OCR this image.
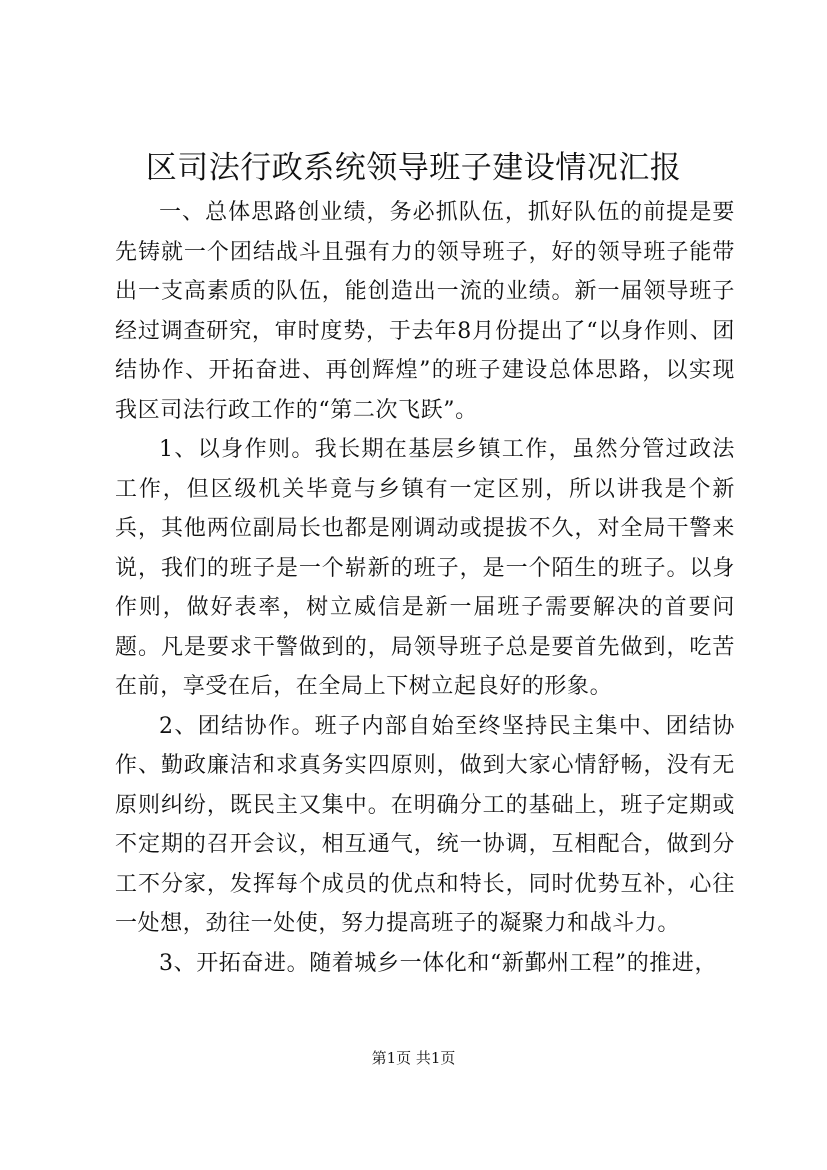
区司法行政系统领导班子建设情况汇报

一、总体思路创业绩，务必抓队伍，抓好队伍的前提是要先铸就一个团结战斗且强有力的领导班子，好的领导班子能带出一支高素质的队伍，能创造出一流的业绩。新一届领导班子经过调查研究，审时度势，于去年8月份提出了“以身作则、团结协作、开拓奋进、再创辉煌”的班子建设总体思路，以实现我区司法行政工作的“第二次飞跃”。

1、以身作则。我长期在基层乡镇工作，虽然分管过政法工作，但区级机关毕竟与乡镇有一定区别，所以讲我是个新兵，其他两位副局长也都是刚调动或提拔不久，对全局干警来说，我们的班子是一个崭新的班子，是一个陌生的班子。以身作则，做好表率，树立威信是新一届班子需要解决的首要问题。凡是要求干警做到的，局领导班子总是要首先做到，吃苦在前，享受在后，在全局上下树立起良好的形象。

2、团结协作。班子内部自始至终坚持民主集中、团结协作、勤政廉洁和求真务实四原则，做到大家心情舒畅，没有无原则纠纷，既民主又集中。在明确分工的基础上，班子定期或不定期的召开会议，相互通气，统一协调，互相配合，做到分工不分家，发挥每个成员的优点和特长，同时优势互补，心往一处想，劲往一处使，努力提高班子的凝聚力和战斗力。

3、开拓奋进。随着城乡一体化和“新鄞州工程”的推进，

第1页 共1页
